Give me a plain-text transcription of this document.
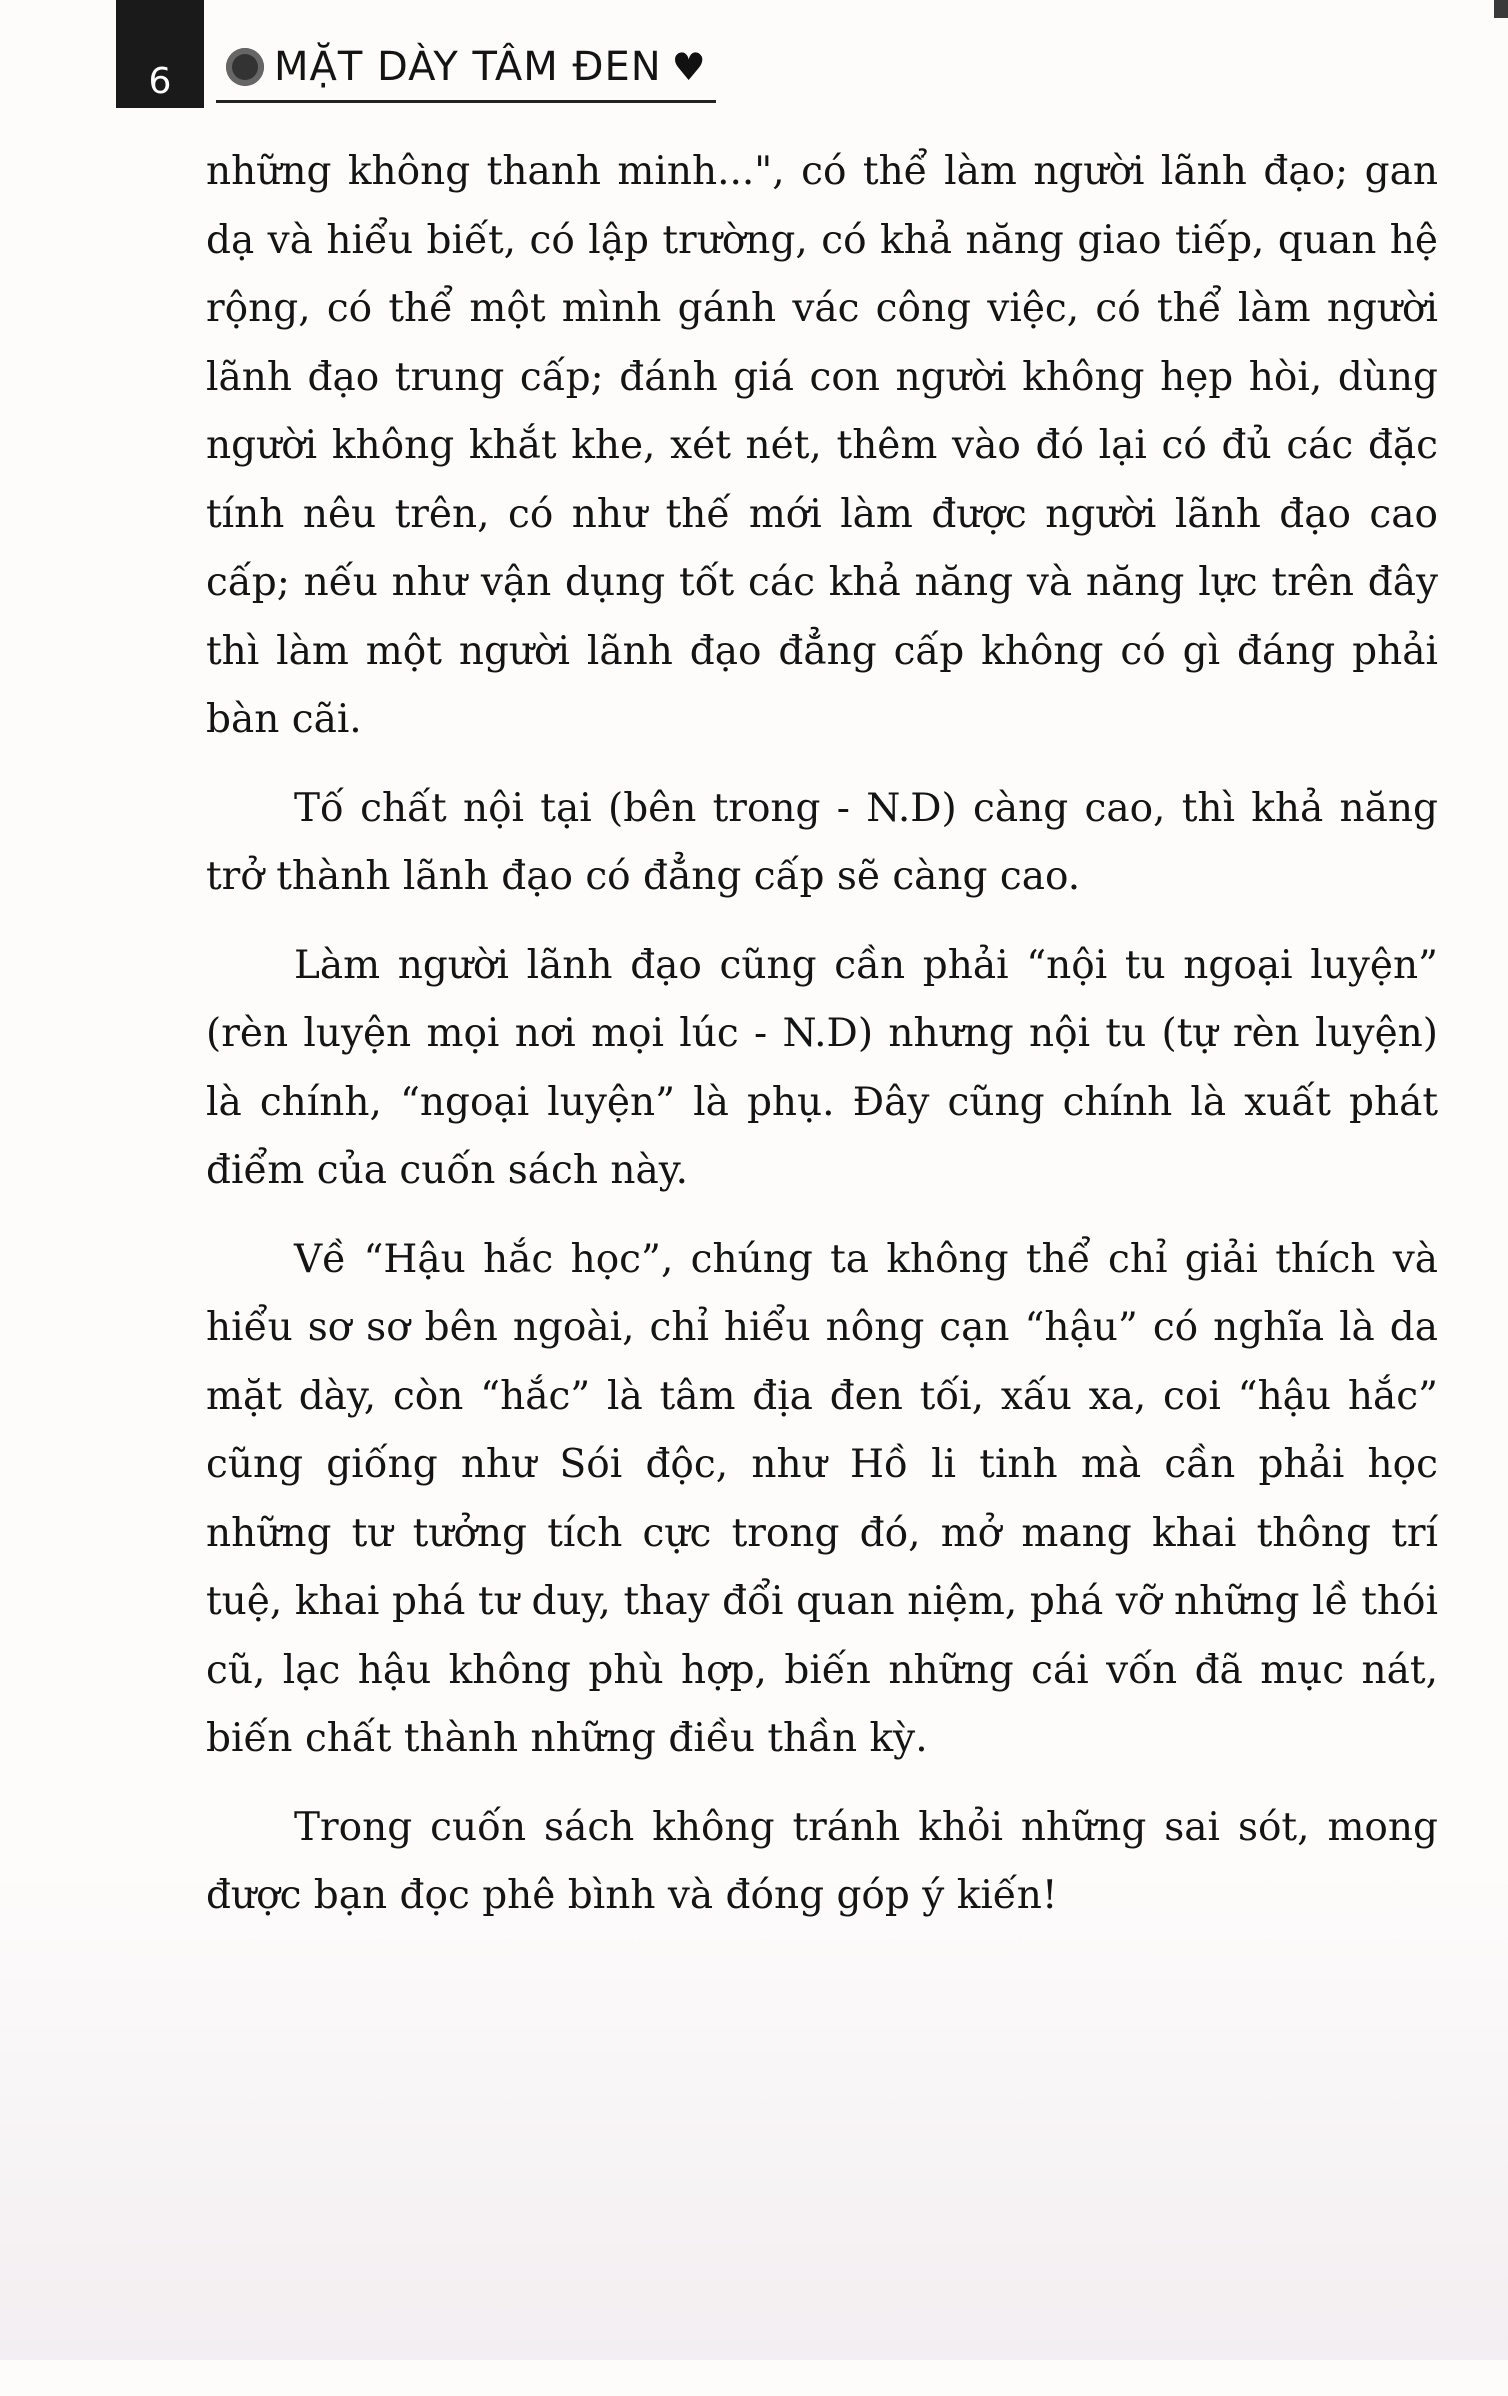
6	MẶT DÀY TÂM ĐEN ♥

những không thanh minh...", có thể làm người lãnh đạo; gan dạ và hiểu biết, có lập trường, có khả năng giao tiếp, quan hệ rộng, có thể một mình gánh vác công việc, có thể làm người lãnh đạo trung cấp; đánh giá con người không hẹp hòi, dùng người không khắt khe, xét nét, thêm vào đó lại có đủ các đặc tính nêu trên, có như thế mới làm được người lãnh đạo cao cấp; nếu như vận dụng tốt các khả năng và năng lực trên đây thì làm một người lãnh đạo đẳng cấp không có gì đáng phải bàn cãi.

Tố chất nội tại (bên trong - N.D) càng cao, thì khả năng trở thành lãnh đạo có đẳng cấp sẽ càng cao.

Làm người lãnh đạo cũng cần phải “nội tu ngoại luyện” (rèn luyện mọi nơi mọi lúc - N.D) nhưng nội tu (tự rèn luyện) là chính, “ngoại luyện” là phụ. Đây cũng chính là xuất phát điểm của cuốn sách này.

Về “Hậu hắc học”, chúng ta không thể chỉ giải thích và hiểu sơ sơ bên ngoài, chỉ hiểu nông cạn “hậu” có nghĩa là da mặt dày, còn “hắc” là tâm địa đen tối, xấu xa, coi “hậu hắc” cũng giống như Sói độc, như Hồ li tinh mà cần phải học những tư tưởng tích cực trong đó, mở mang khai thông trí tuệ, khai phá tư duy, thay đổi quan niệm, phá vỡ những lề thói cũ, lạc hậu không phù hợp, biến những cái vốn đã mục nát, biến chất thành những điều thần kỳ.

Trong cuốn sách không tránh khỏi những sai sót, mong được bạn đọc phê bình và đóng góp ý kiến!
